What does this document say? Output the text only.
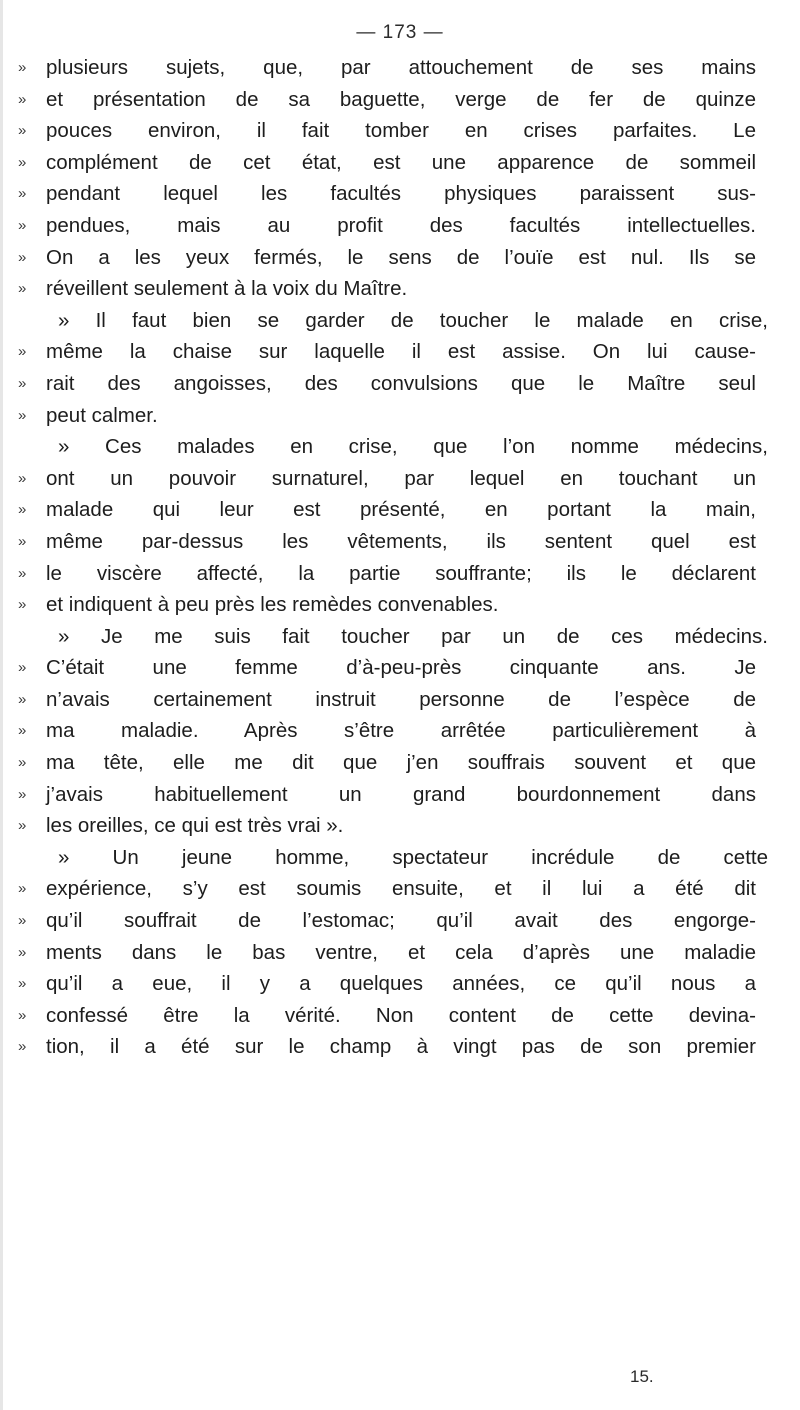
— 173 —
» plusieurs sujets, que, par attouchement de ses mains
» et présentation de sa baguette, verge de fer de quinze
» pouces environ, il fait tomber en crises parfaites. Le
» complément de cet état, est une apparence de sommeil
» pendant lequel les facultés physiques paraissent sus-
» pendues, mais au profit des facultés intellectuelles.
» On a les yeux fermés, le sens de l’ouïe est nul. Ils se
» réveillent seulement à la voix du Maître.
» Il faut bien se garder de toucher le malade en crise,
» même la chaise sur laquelle il est assise. On lui cause-
» rait des angoisses, des convulsions que le Maître seul
» peut calmer.
» Ces malades en crise, que l’on nomme médecins,
» ont un pouvoir surnaturel, par lequel en touchant un
» malade qui leur est présenté, en portant la main,
» même par-dessus les vêtements, ils sentent quel est
» le viscère affecté, la partie souffrante; ils le déclarent
» et indiquent à peu près les remèdes convenables.
» Je me suis fait toucher par un de ces médecins.
» C’était une femme d’à-peu-près cinquante ans. Je
» n’avais certainement instruit personne de l’espèce de
» ma maladie. Après s’être arrêtée particulièrement à
» ma tête, elle me dit que j’en souffrais souvent et que
» j’avais habituellement un grand bourdonnement dans
» les oreilles, ce qui est très vrai ».
» Un jeune homme, spectateur incrédule de cette
» expérience, s’y est soumis ensuite, et il lui a été dit
» qu’il souffrait de l’estomac; qu’il avait des engorge-
» ments dans le bas ventre, et cela d’après une maladie
» qu’il a eue, il y a quelques années, ce qu’il nous a
» confessé être la vérité. Non content de cette devina-
» tion, il a été sur le champ à vingt pas de son premier
15.
